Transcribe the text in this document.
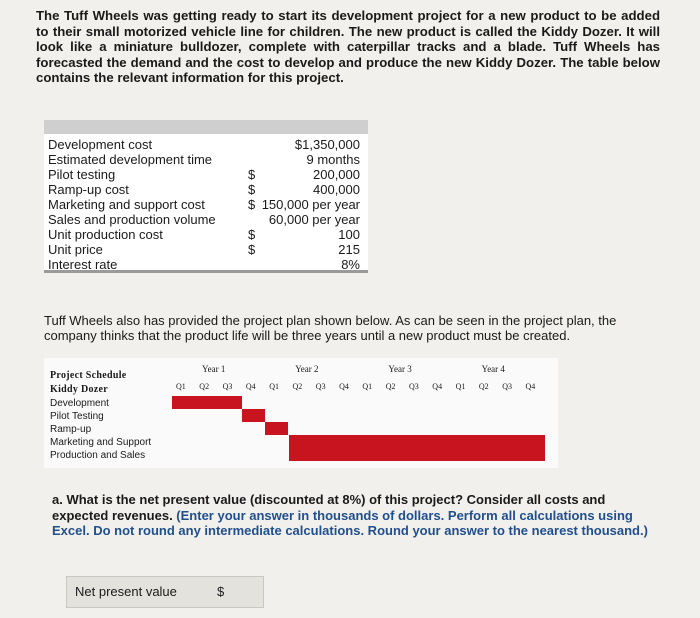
The Tuff Wheels was getting ready to start its development project for a new product to be added to their small motorized vehicle line for children. The new product is called the Kiddy Dozer. It will look like a miniature bulldozer, complete with caterpillar tracks and a blade. Tuff Wheels has forecasted the demand and the cost to develop and produce the new Kiddy Dozer. The table below contains the relevant information for this project.
Development cost	$1,350,000
Estimated development time	9 months
Pilot testing	$	200,000
Ramp-up cost	$	400,000
Marketing and support cost	$ 150,000 per year
Sales and production volume	60,000 per year
Unit production cost	$	100
Unit price	$	215
Interest rate	8%
Tuff Wheels also has provided the project plan shown below. As can be seen in the project plan, the company thinks that the product life will be three years until a new product must be created.
Project Schedule
Kiddy Dozer
Year 1	Year 2	Year 3	Year 4
Q1 Q2 Q3 Q4 Q1 Q2 Q3 Q4 Q1 Q2 Q3 Q4 Q1 Q2 Q3 Q4
Development
Pilot Testing
Ramp-up
Marketing and Support
Production and Sales
a. What is the net present value (discounted at 8%) of this project? Consider all costs and expected revenues. (Enter your answer in thousands of dollars. Perform all calculations using Excel. Do not round any intermediate calculations. Round your answer to the nearest thousand.)
Net present value	$
